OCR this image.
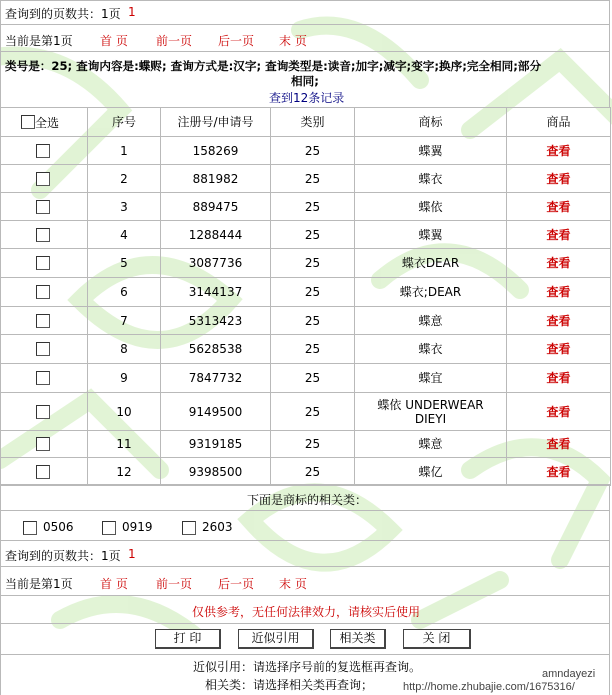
查询到的页数共：1页 1
当前是第1页 首 页 前一页 后一页 末 页
类号是：25; 查询内容是:蝶赆; 查询方式是:汉字; 查询类型是:读音;加字;减字;变字;换序;完全相同;部分
相同;
查到12条记录
全选	序号	注册号/申请号	类别	商标	商品
	1	158269	25	蝶翼	查看
	2	881982	25	蝶衣	查看
	3	889475	25	蝶依	查看
	4	1288444	25	蝶翼	查看
	5	3087736	25	蝶衣DEAR	查看
	6	3144137	25	蝶衣;DEAR	查看
	7	5313423	25	蝶意	查看
	8	5628538	25	蝶衣	查看
	9	7847732	25	蝶宜	查看
	10	9149500	25	蝶依 UNDERWEAR DIEYI	查看
	11	9319185	25	蝶意	查看
	12	9398500	25	蝶亿	查看
下面是商标的相关类：
0506	0919	2603
查询到的页数共：1页 1
当前是第1页 首 页 前一页 后一页 末 页
仅供参考，无任何法律效力，请核实后使用
打 印	近似引用	相关类	关 闭
近似引用：请选择序号前的复选框再查询。
相关类：请选择相关类再查询；
amndayezi
http://home.zhubajie.com/1675316/
